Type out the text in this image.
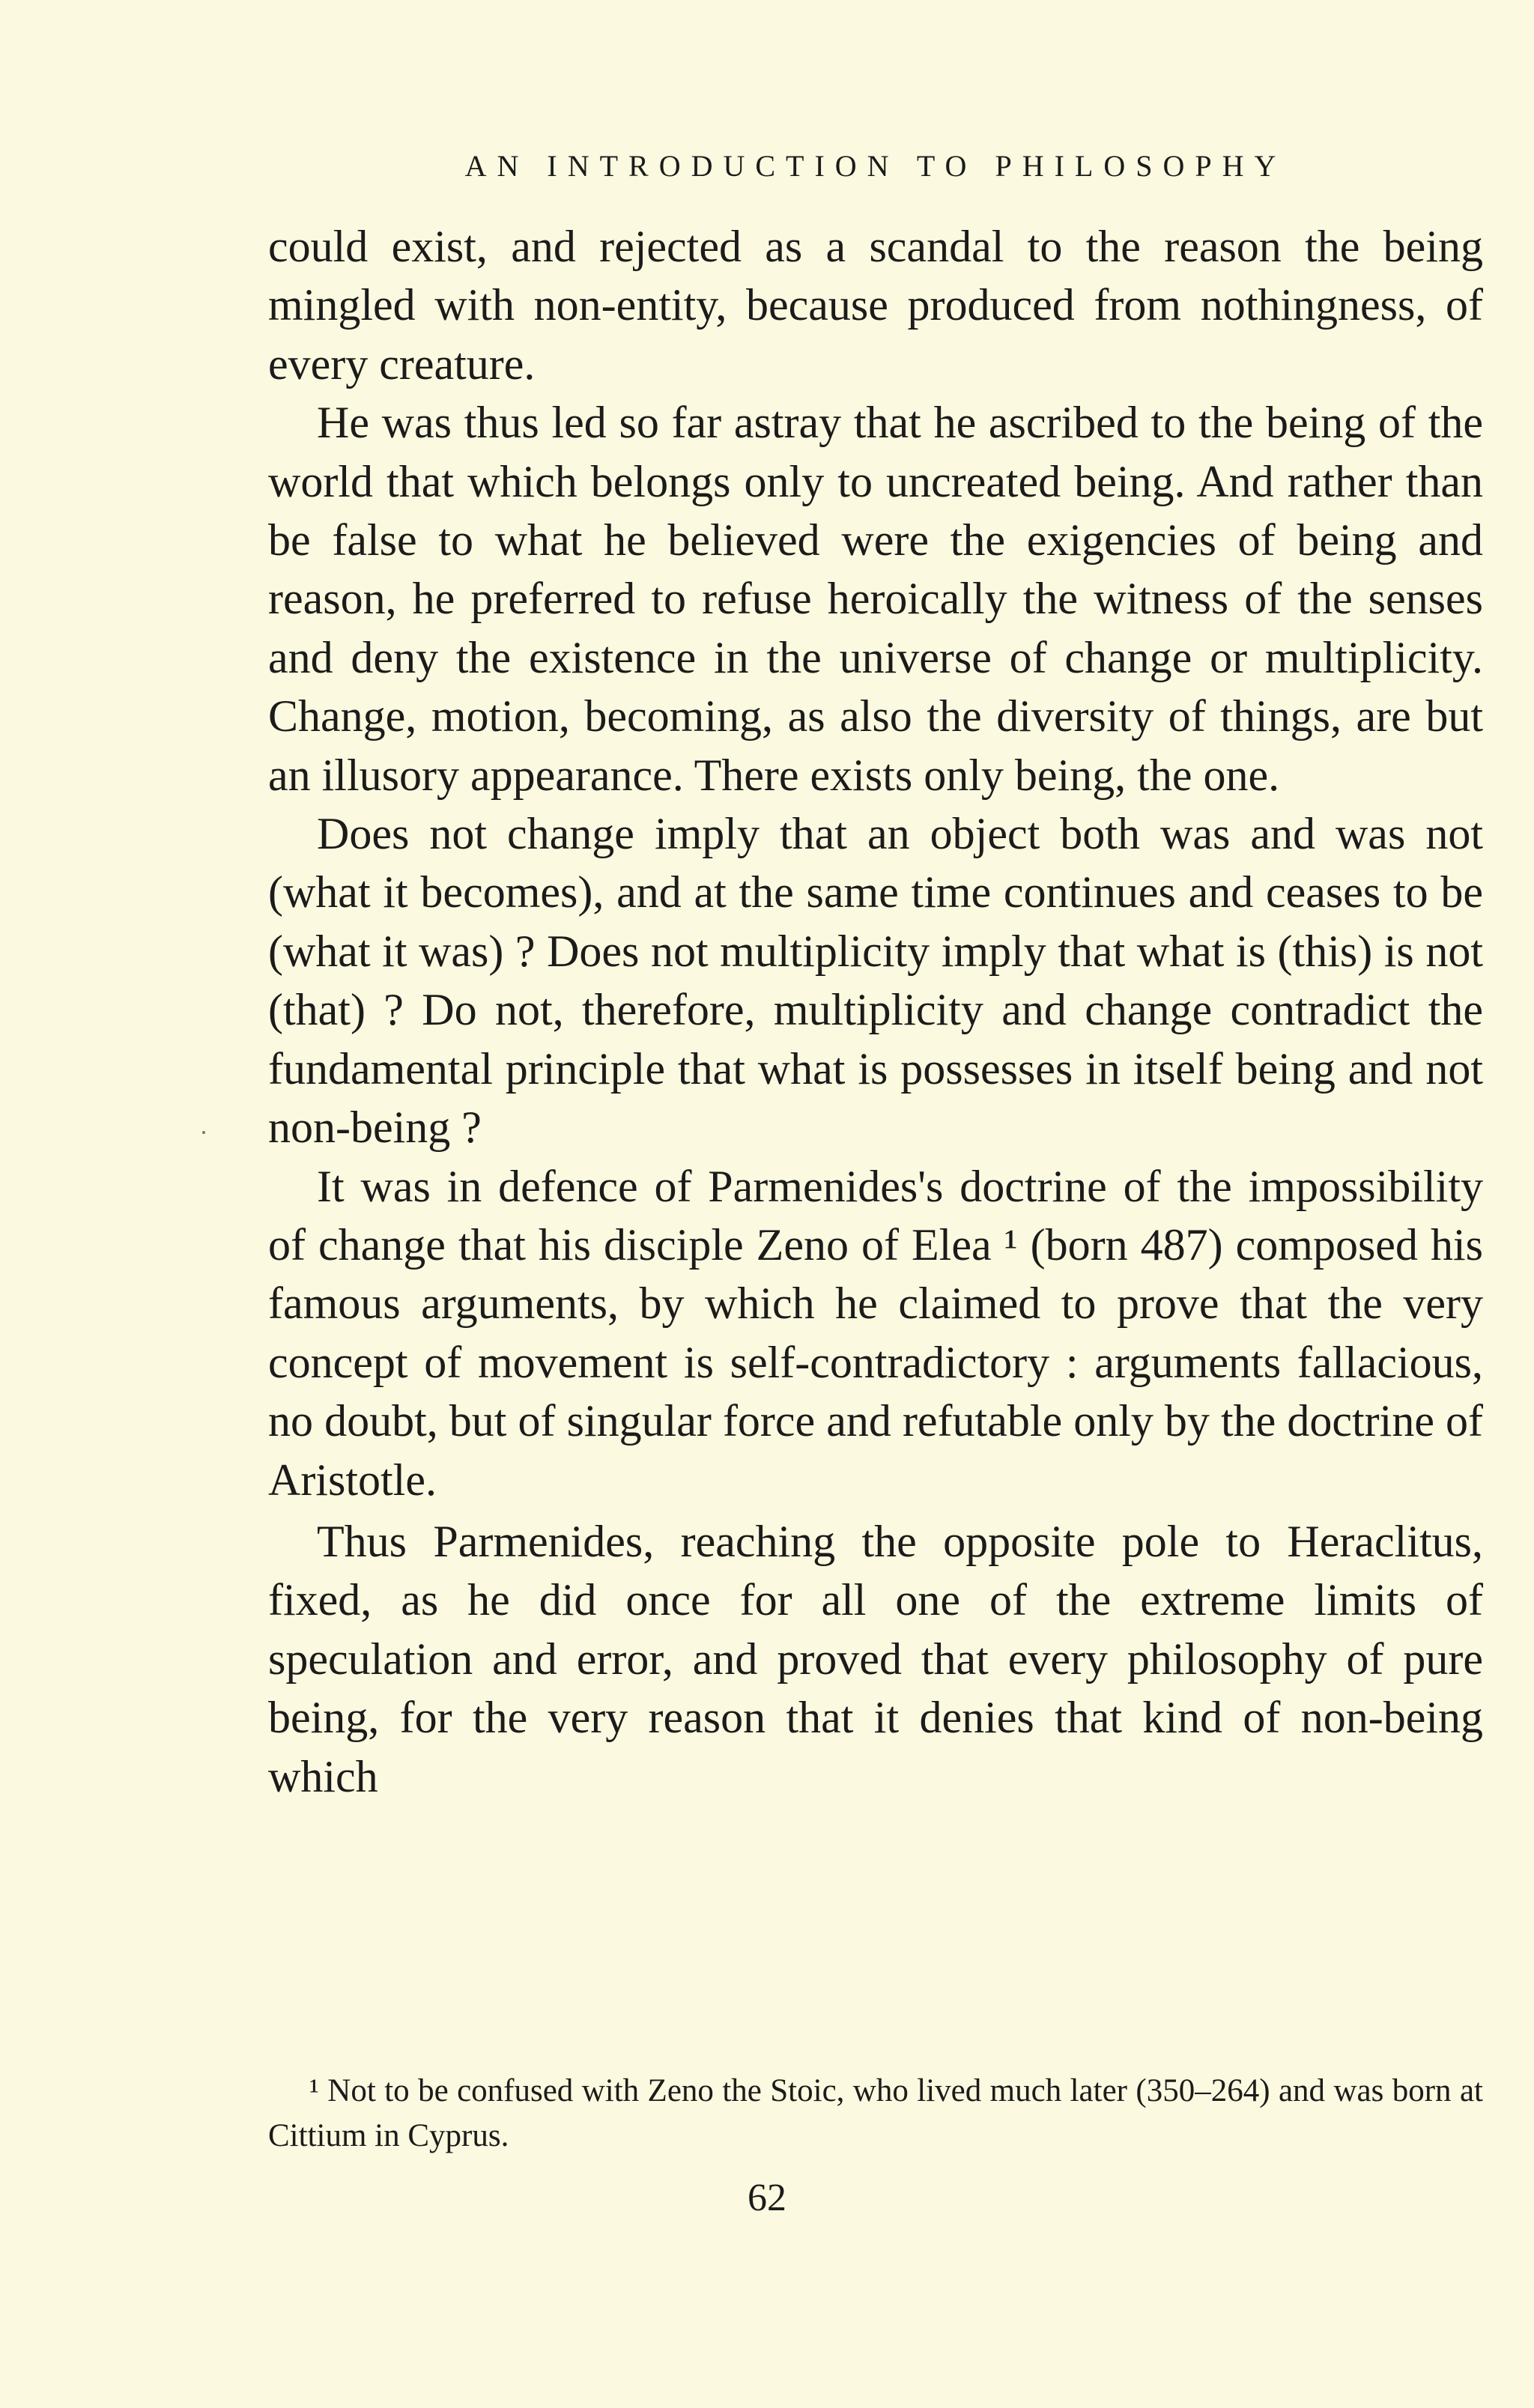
AN INTRODUCTION TO PHILOSOPHY

could exist, and rejected as a scandal to the reason the being mingled with non-entity, because produced from nothingness, of every creature.

He was thus led so far astray that he ascribed to the being of the world that which belongs only to uncreated being. And rather than be false to what he believed were the exigencies of being and reason, he preferred to refuse heroically the witness of the senses and deny the existence in the universe of change or multiplicity. Change, motion, becoming, as also the diversity of things, are but an illusory appearance. There exists only being, the one.

Does not change imply that an object both was and was not (what it becomes), and at the same time continues and ceases to be (what it was) ? Does not multiplicity imply that what is (this) is not (that) ? Do not, therefore, multiplicity and change contradict the fundamental principle that what is possesses in itself being and not non-being ?

It was in defence of Parmenides's doctrine of the impossibility of change that his disciple Zeno of Elea ¹ (born 487) composed his famous arguments, by which he claimed to prove that the very concept of movement is self-contradictory : arguments fallacious, no doubt, but of singular force and refutable only by the doctrine of Aristotle.

Thus Parmenides, reaching the opposite pole to Heraclitus, fixed, as he did once for all one of the extreme limits of speculation and error, and proved that every philosophy of pure being, for the very reason that it denies that kind of non-being which

¹ Not to be confused with Zeno the Stoic, who lived much later (350–264) and was born at Cittium in Cyprus.

62
